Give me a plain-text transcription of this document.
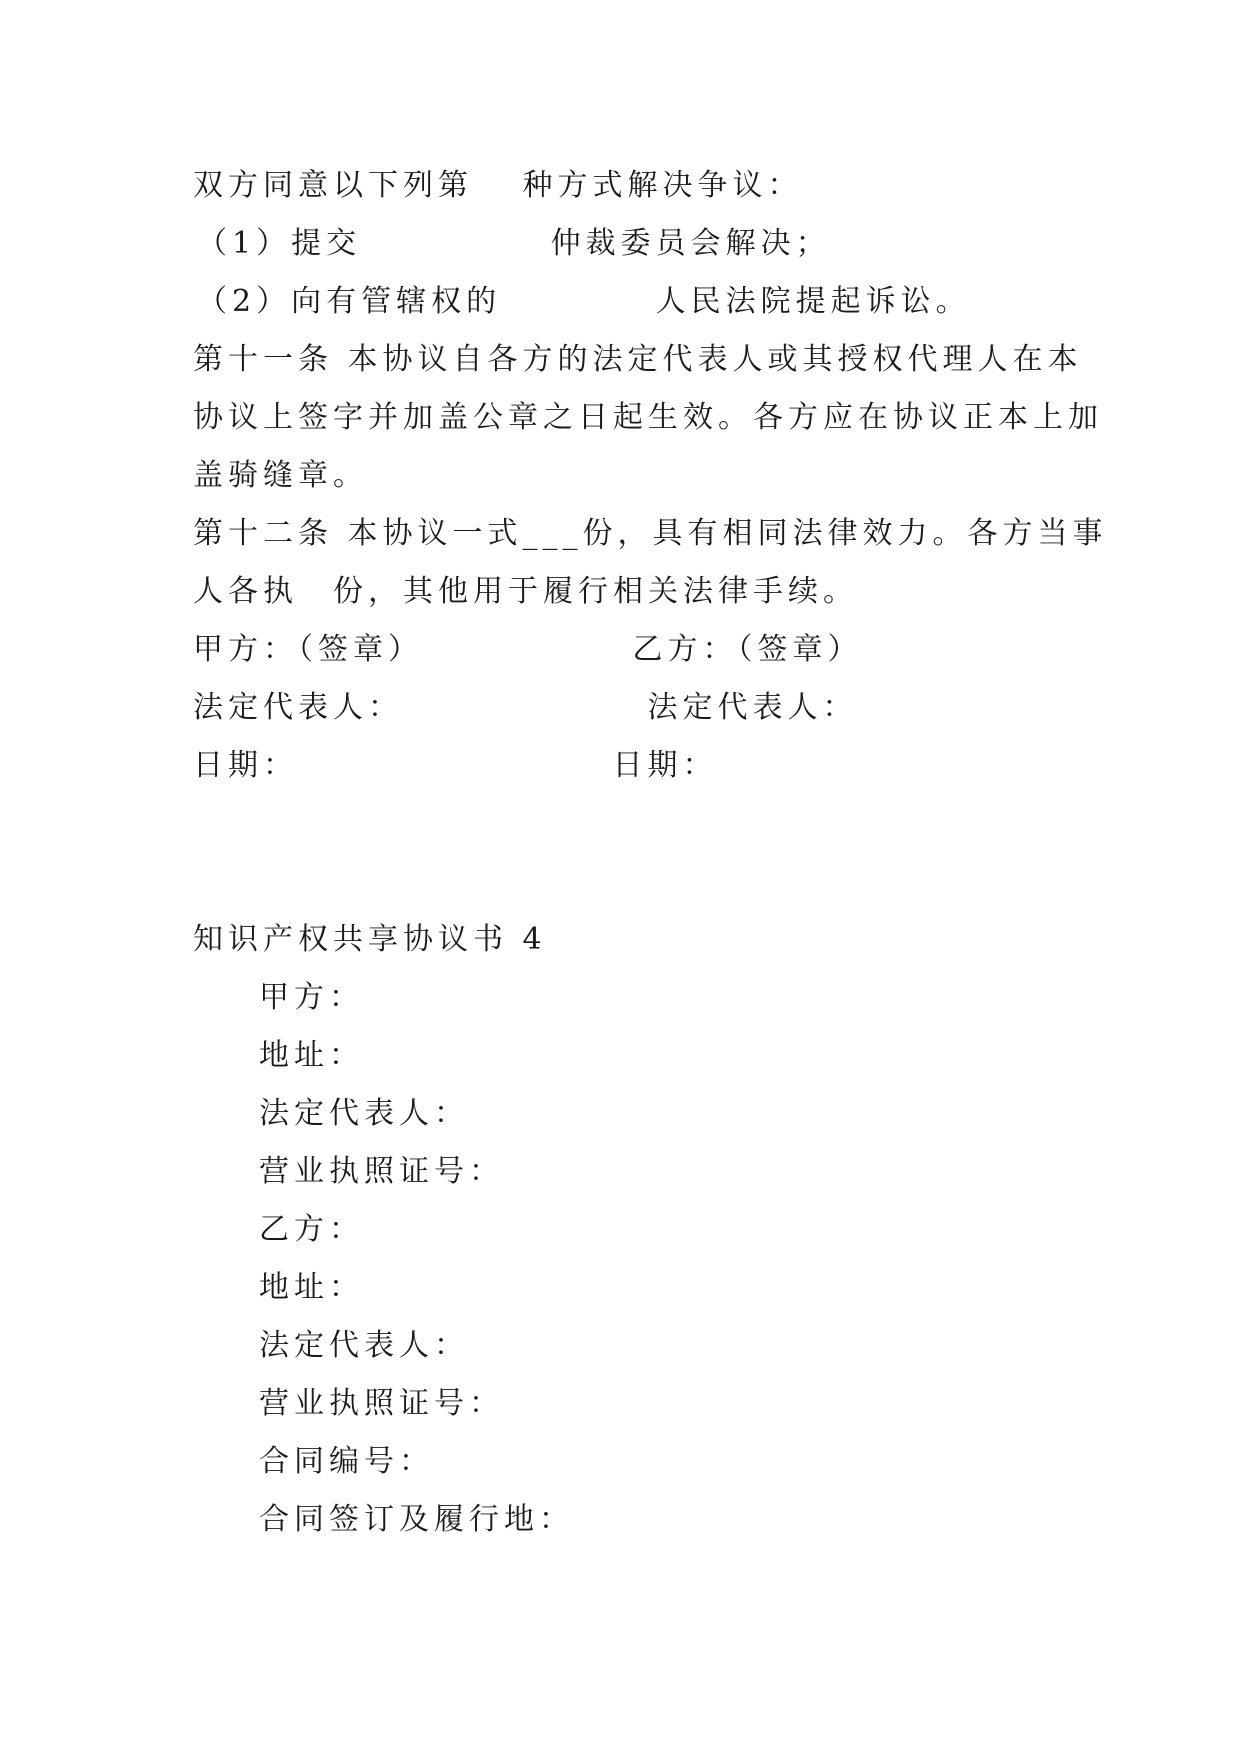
双方同意以下列第　 种方式解决争议：
（1）提交　　　　　 仲裁委员会解决；
（2）向有管辖权的　　　　 人民法院提起诉讼。
第十一条 本协议自各方的法定代表人或其授权代理人在本
协议上签字并加盖公章之日起生效。各方应在协议正本上加
盖骑缝章。
第十二条 本协议一式___份，具有相同法律效力。各方当事
人各执　份，其他用于履行相关法律手续。
甲方：（签章）　　　　　　 乙方：（签章）
法定代表人：　　　　　　　 法定代表人：
日期：　　　　　　　　　 日期：
知识产权共享协议书 4
甲方：
地址：
法定代表人：
营业执照证号：
乙方：
地址：
法定代表人：
营业执照证号：
合同编号：
合同签订及履行地：
